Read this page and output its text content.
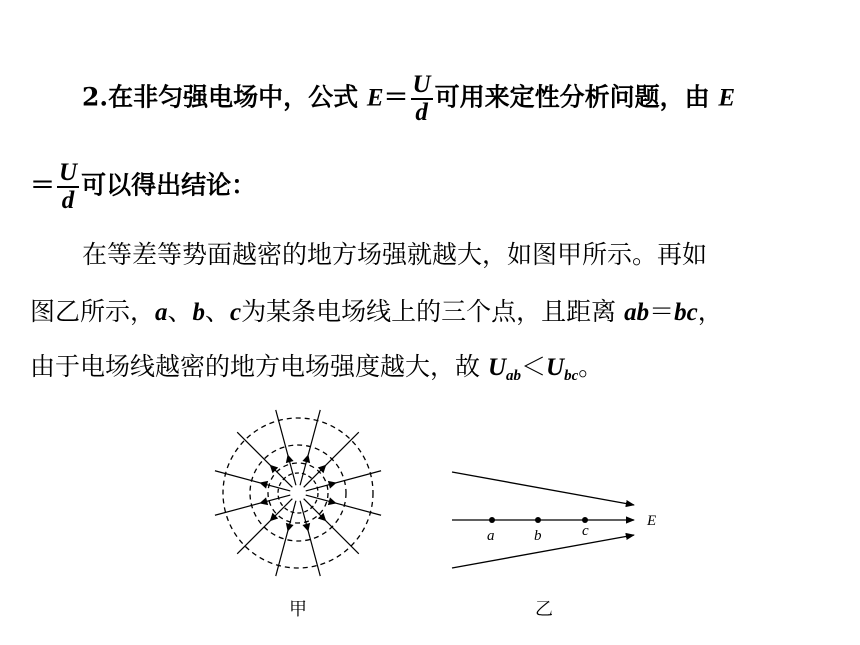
2.在非匀强电场中，公式 $E= \frac{U}{d}$ 可用来定性分析问题，由 E
＝ $\frac{U}{d}$ 可以得出结论：
在等差等势面越密的地方场强就越大，如图甲所示。再如
图乙所示，a、b、c为某条电场线上的三个点，且距离 ab＝bc，
由于电场线越密的地方电场强度越大，故 $U_{ab}<U_{bc}$。
a	b	c
E
甲	乙
